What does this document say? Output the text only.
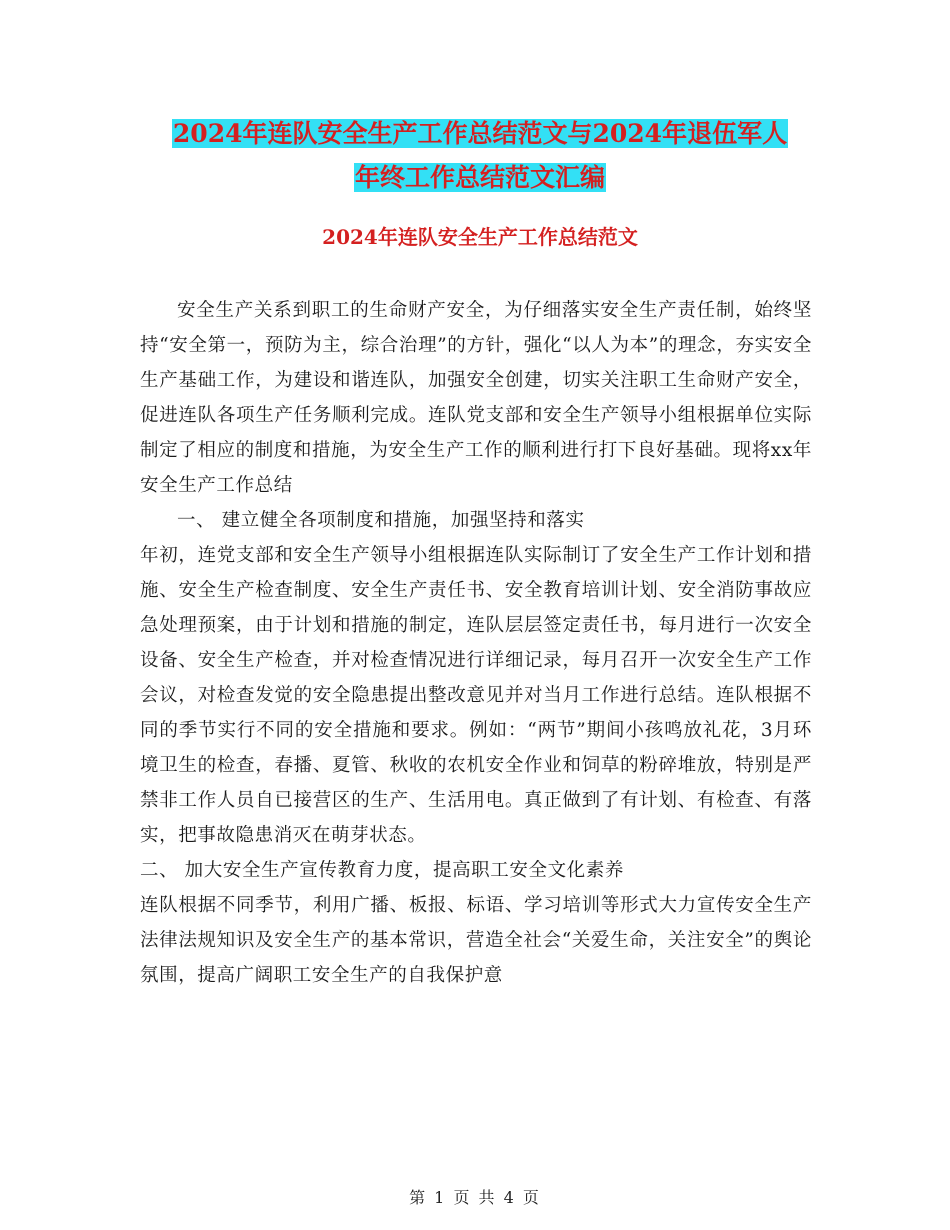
2024年连队安全生产工作总结范文与2024年退伍军人
年终工作总结范文汇编
2024年连队安全生产工作总结范文

安全生产关系到职工的生命财产安全，为仔细落实安全生产责任制，始终坚持“安全第一，预防为主，综合治理”的方针，强化“以人为本”的理念，夯实安全生产基础工作，为建设和谐连队，加强安全创建，切实关注职工生命财产安全，促进连队各项生产任务顺利完成。连队党支部和安全生产领导小组根据单位实际制定了相应的制度和措施，为安全生产工作的顺利进行打下良好基础。现将xx年安全生产工作总结

一、 建立健全各项制度和措施，加强坚持和落实

年初，连党支部和安全生产领导小组根据连队实际制订了安全生产工作计划和措施、安全生产检查制度、安全生产责任书、安全教育培训计划、安全消防事故应急处理预案，由于计划和措施的制定，连队层层签定责任书，每月进行一次安全设备、安全生产检查，并对检查情况进行详细记录，每月召开一次安全生产工作会议，对检查发觉的安全隐患提出整改意见并对当月工作进行总结。连队根据不同的季节实行不同的安全措施和要求。例如：“两节”期间小孩鸣放礼花，3月环境卫生的检查，春播、夏管、秋收的农机安全作业和饲草的粉碎堆放，特别是严禁非工作人员自已接营区的生产、生活用电。真正做到了有计划、有检查、有落实，把事故隐患消灭在萌芽状态。

二、 加大安全生产宣传教育力度，提高职工安全文化素养

连队根据不同季节，利用广播、板报、标语、学习培训等形式大力宣传安全生产法律法规知识及安全生产的基本常识，营造全社会“关爱生命，关注安全”的舆论氛围，提高广阔职工安全生产的自我保护意

第 1 页 共 4 页
